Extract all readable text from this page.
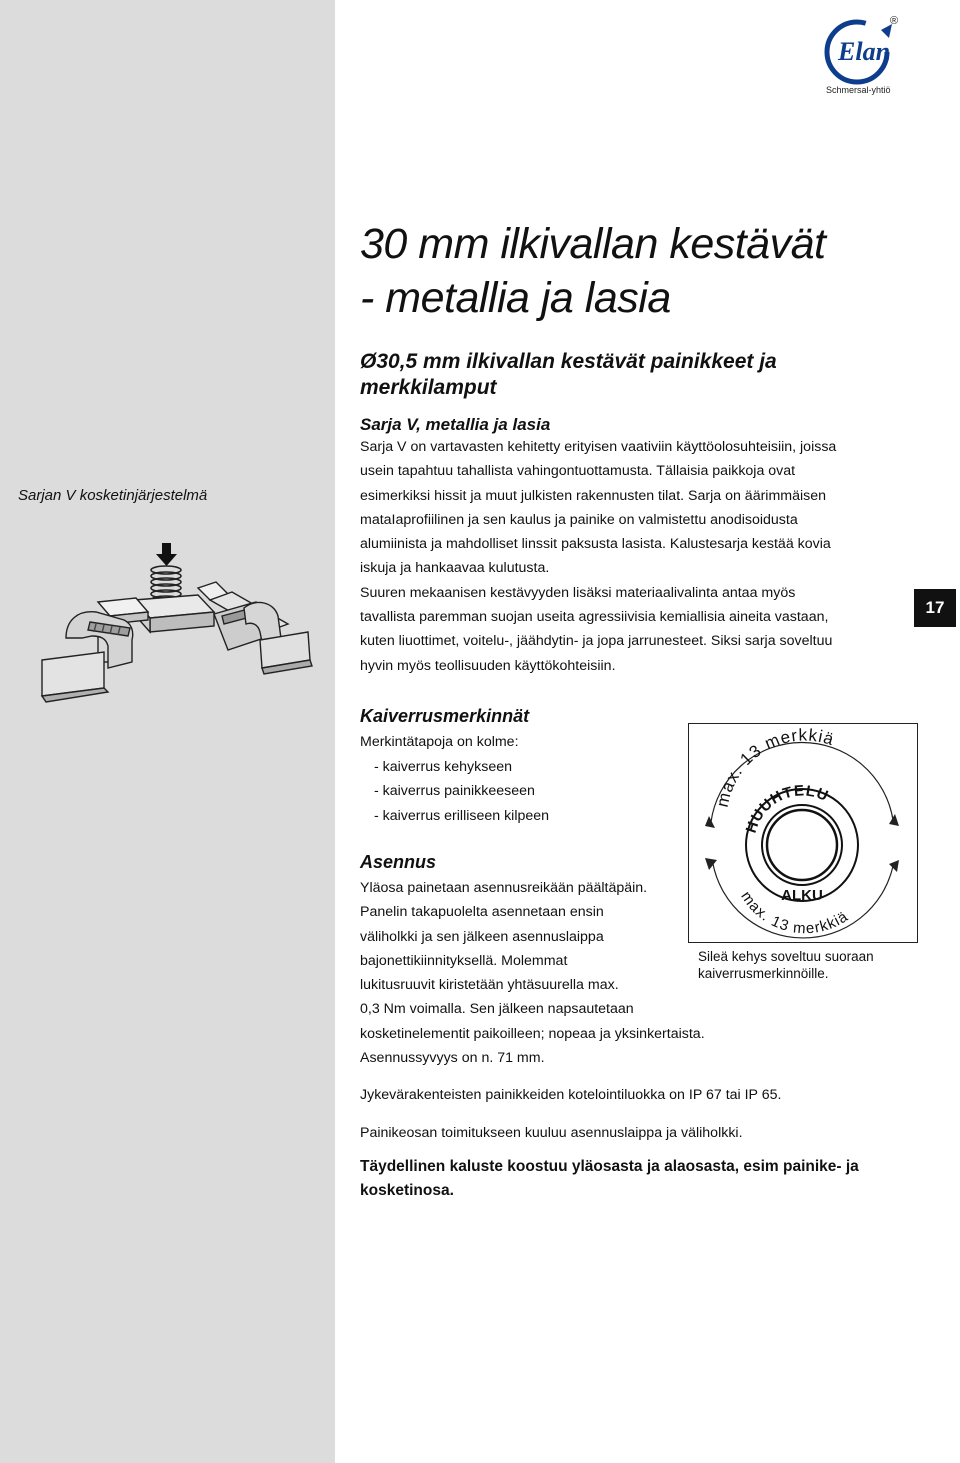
Sarjan V kosketinjärjestelmä
Elan
®
Schmersal-yhtiö
30 mm ilkivallan kestävät
- metallia ja lasia
Ø30,5 mm ilkivallan kestävät painikkeet ja
merkkilamput
Sarja V, metallia ja lasia

Sarja V on vartavasten kehitetty erityisen vaativiin käyttöolosuhteisiin, joissa
usein tapahtuu tahallista vahingontuottamusta. Tällaisia paikkoja ovat
esimerkiksi hissit ja muut julkisten rakennusten tilat. Sarja on äärimmäisen
mataIaprofiilinen ja sen kaulus ja painike on valmistettu anodisoidusta
alumiinista ja mahdolliset linssit paksusta lasista. Kalustesarja kestää kovia
iskuja ja hankaavaa kulutusta.
Suuren mekaanisen kestävyyden lisäksi materiaalivalinta antaa myös
tavallista paremman suojan useita agressiivisia kemiallisia aineita vastaan,
kuten liuottimet, voitelu-, jäähdytin- ja jopa jarrunesteet. Siksi sarja soveltuu
hyvin myös teollisuuden käyttökohteisiin.

17
Kaiverrusmerkinnät
Merkintätapoja on kolme:
- kaiverrus kehykseen
- kaiverrus painikkeeseen
- kaiverrus erilliseen kilpeen
max. 13 merkkiä
HUUHTELU
ALKU
max. 13 merkkiä

Sileä kehys soveltuu suoraan
kaiverrusmerkinnöille.

Asennus

Yläosa painetaan asennusreikään päältäpäin.
Panelin takapuolelta asennetaan ensin
väliholkki ja sen jälkeen asennuslaippa
bajonettikiinnityksellä. Molemmat
lukitusruuvit kiristetään yhtäsuurella max.
0,3 Nm voimalla. Sen jälkeen napsautetaan
kosketinelementit paikoilleen; nopeaa ja yksinkertaista.
Asennussyvyys on n. 71 mm.

Jykevärakenteisten painikkeiden kotelointiluokka on IP 67 tai IP 65.

Painikeosan toimitukseen kuuluu asennuslaippa ja väliholkki.

Täydellinen kaluste koostuu yläosasta ja alaosasta, esim painike- ja
kosketinosa.
